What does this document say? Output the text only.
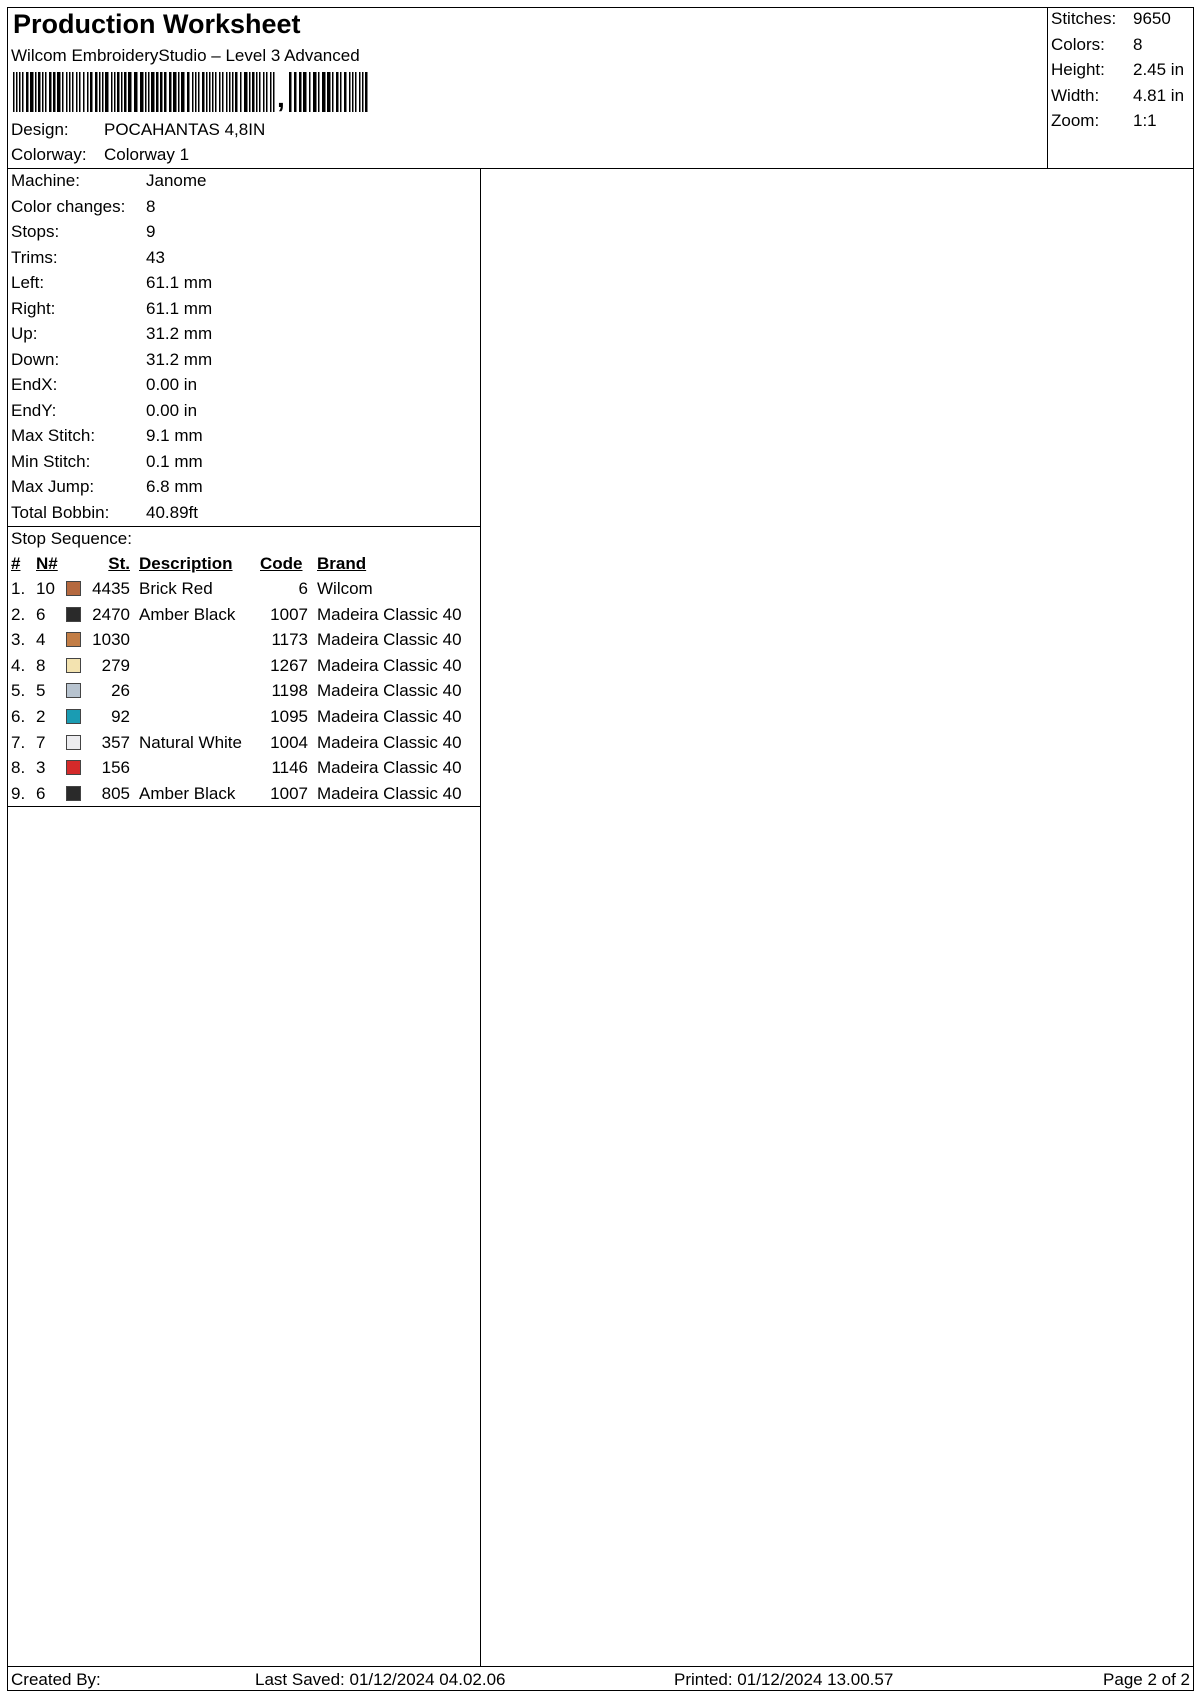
Production Worksheet
Wilcom EmbroideryStudio – Level 3 Advanced
,
Design: POCAHANTAS 4,8IN
Colorway: Colorway 1
Stitches: 9650
Colors: 8
Height: 2.45 in
Width: 4.81 in
Zoom: 1:1
Machine:	Janome
Color changes: 8
Stops:	9
Trims:	43
Left:	61.1 mm
Right:	61.1 mm
Up:	31.2 mm
Down:	31.2 mm
EndX:	0.00 in
EndY:	0.00 in
Max Stitch:	9.1 mm
Min Stitch:	0.1 mm
Max Jump:	6.8 mm
Total Bobbin: 40.89ft
Stop Sequence:
# N#	St. Description Code Brand
1. 10	4435 Brick Red	6 Wilcom
2. 6	2470 Amber Black	1007 Madeira Classic 40
3. 4	1030	1173 Madeira Classic 40
4. 8	279	1267 Madeira Classic 40
5. 5	26	1198 Madeira Classic 40
6. 2	92	1095 Madeira Classic 40
7. 7	357 Natural White	1004 Madeira Classic 40
8. 3	156	1146 Madeira Classic 40
9. 6	805 Amber Black	1007 Madeira Classic 40
Created By:	Last Saved: 01/12/2024 04.02.06	Printed: 01/12/2024 13.00.57	Page 2 of 2
